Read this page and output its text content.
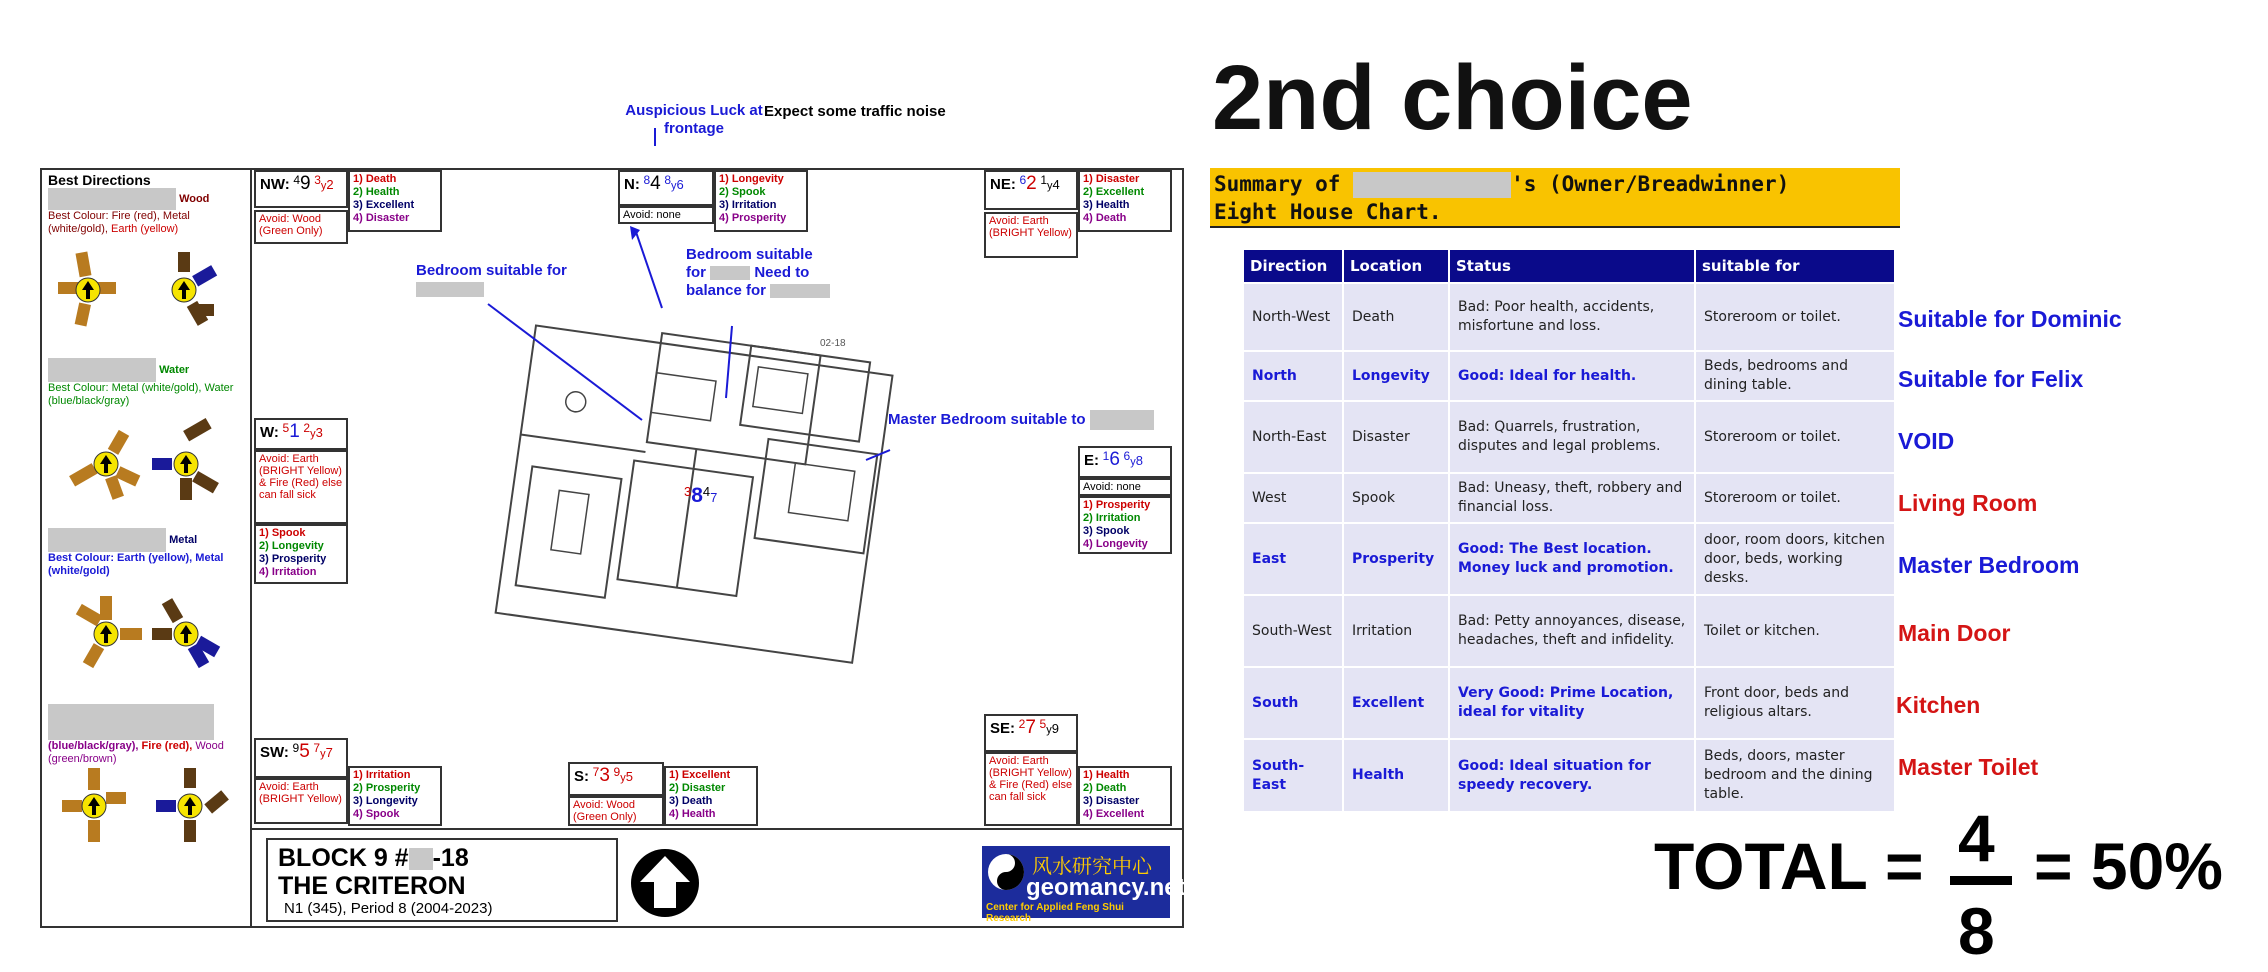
Auspicious Luck at frontage
Expect some traffic noise
Best Directions
Wood
Best Colour: Fire (red), Metal (white/gold), Earth (yellow)
Water
Best Colour: Metal (white/gold), Water (blue/black/gray)
Metal
Best Colour: Earth (yellow), Metal (white/gold)
(blue/black/gray), Fire (red), Wood (green/brown)
02-18
Bedroom suitable for

Bedroom suitable
for	Need to
balance for
Master Bedroom suitable to
$^38^47$
NW: 49 3y2
Avoid: Wood (Green Only)
1) Death
2) Health
3) Excellent
4) Disaster
N: 84 8y6
Avoid: none
1) Longevity
2) Spook
3) Irritation
4) Prosperity
NE: 62 1y4
Avoid: Earth (BRIGHT Yellow)
1) Disaster
2) Excellent
3) Health
4) Death
W: 51 2y3
Avoid: Earth (BRIGHT Yellow) & Fire (Red) else can fall sick
1) Spook
2) Longevity
3) Prosperity
4) Irritation
E: 16 6y8
Avoid: none
1) Prosperity
2) Irritation
3) Spook
4) Longevity
SW: 95 7y7
Avoid: Earth (BRIGHT Yellow)
1) Irritation
2) Prosperity
3) Longevity
4) Spook
S: 73 9y5
Avoid: Wood (Green Only)
1) Excellent
2) Disaster
3) Death
4) Health
SE: 27 5y9
Avoid: Earth (BRIGHT Yellow) & Fire (Red) else can fall sick
1) Health
2) Death
3) Disaster
4) Excellent
BLOCK 9 # -18
THE CRITERON
N1 (345), Period 8 (2004-2023)
风水研究中心
geomancy.net
Center for Applied Feng Shui Research
2nd choice
Summary of	's (Owner/Breadwinner)
Eight House Chart.
Direction	Location	Status	suitable for
North-West	Death	Bad: Poor health, accidents, misfortune and loss.	Storeroom or toilet.
North	Longevity	Good: Ideal for health.	Beds, bedrooms and dining table.
North-East	Disaster	Bad: Quarrels, frustration, disputes and legal problems.	Storeroom or toilet.
West	Spook	Bad: Uneasy, theft, robbery and financial loss.	Storeroom or toilet.
East	Prosperity	Good: The Best location. Money luck and promotion.	door, room doors, kitchen door, beds, working desks.
South-West	Irritation	Bad: Petty annoyances, disease, headaches, theft and infidelity.	Toilet or kitchen.
South	Excellent	Very Good: Prime Location, ideal for vitality	Front door, beds and religious altars.
South-East	Health	Good: Ideal situation for speedy recovery.	Beds, doors, master bedroom and the dining table.
Suitable for Dominic
Suitable for Felix
VOID
Living Room
Master Bedroom
Main Door
Kitchen
Master Toilet
TOTAL = 4
8
= 50%
